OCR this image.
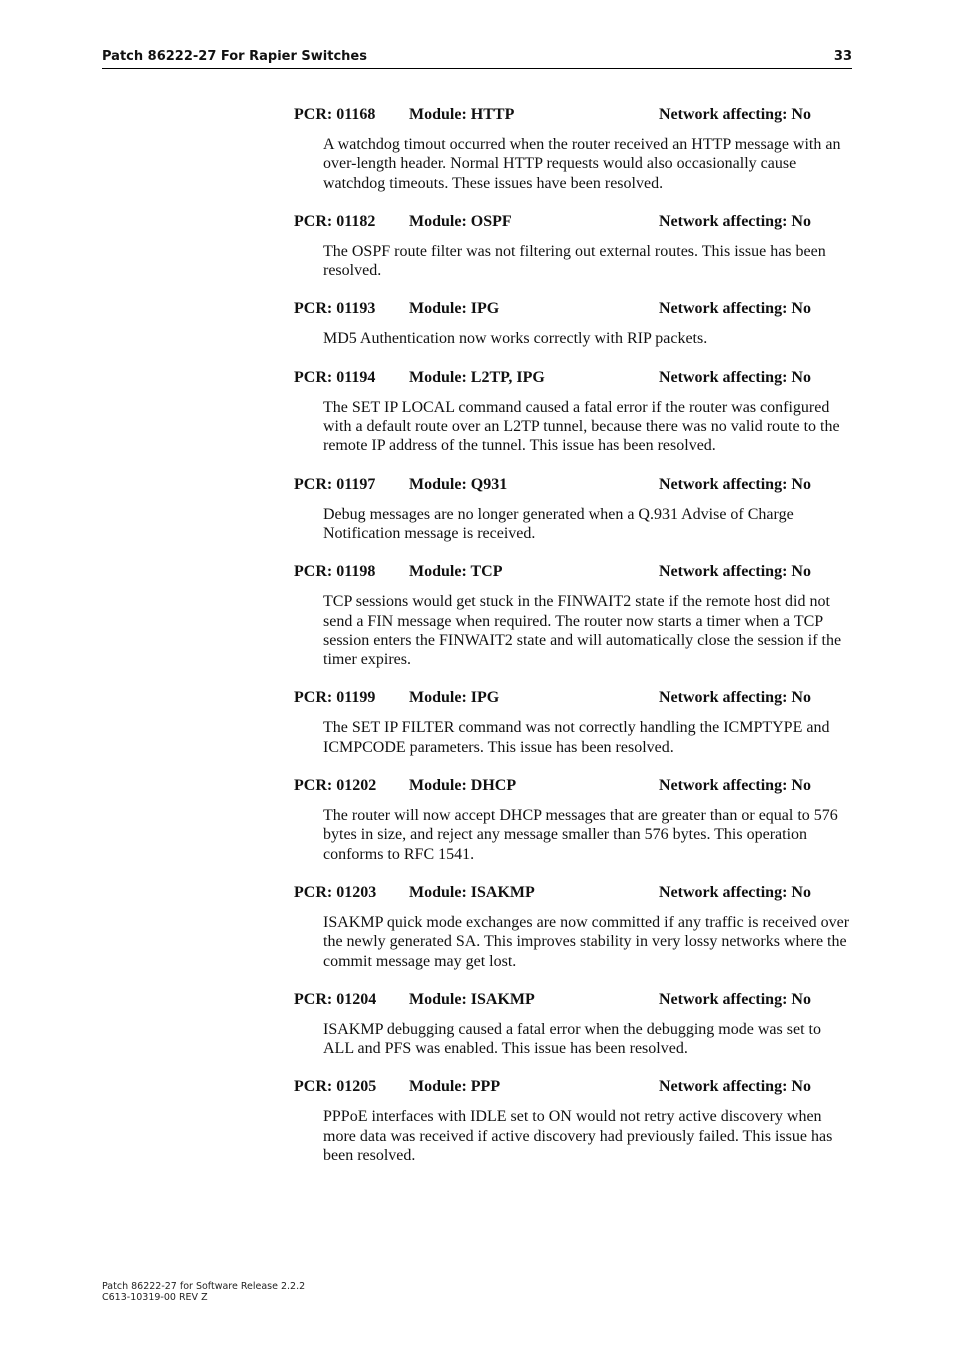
Patch 86222-27 For Rapier Switches	33
PCR: 01168 Module: HTTP	Network affecting: No
A watchdog timout occurred when the router received an HTTP message with an over-length header. Normal HTTP requests would also occasionally cause watchdog timeouts. These issues have been resolved.
PCR: 01182 Module: OSPF	Network affecting: No
The OSPF route filter was not filtering out external routes. This issue has been resolved.
PCR: 01193 Module: IPG	Network affecting: No
MD5 Authentication now works correctly with RIP packets.
PCR: 01194 Module: L2TP, IPG	Network affecting: No
The SET IP LOCAL command caused a fatal error if the router was configured with a default route over an L2TP tunnel, because there was no valid route to the remote IP address of the tunnel. This issue has been resolved.
PCR: 01197 Module: Q931	Network affecting: No
Debug messages are no longer generated when a Q.931 Advise of Charge Notification message is received.
PCR: 01198 Module: TCP	Network affecting: No
TCP sessions would get stuck in the FINWAIT2 state if the remote host did not send a FIN message when required. The router now starts a timer when a TCP session enters the FINWAIT2 state and will automatically close the session if the timer expires.
PCR: 01199 Module: IPG	Network affecting: No
The SET IP FILTER command was not correctly handling the ICMPTYPE and ICMPCODE parameters. This issue has been resolved.
PCR: 01202 Module: DHCP	Network affecting: No
The router will now accept DHCP messages that are greater than or equal to 576 bytes in size, and reject any message smaller than 576 bytes. This operation conforms to RFC 1541.
PCR: 01203 Module: ISAKMP	Network affecting: No
ISAKMP quick mode exchanges are now committed if any traffic is received over the newly generated SA. This improves stability in very lossy networks where the commit message may get lost.
PCR: 01204 Module: ISAKMP	Network affecting: No
ISAKMP debugging caused a fatal error when the debugging mode was set to ALL and PFS was enabled. This issue has been resolved.
PCR: 01205 Module: PPP	Network affecting: No
PPPoE interfaces with IDLE set to ON would not retry active discovery when more data was received if active discovery had previously failed. This issue has been resolved.
Patch 86222-27 for Software Release 2.2.2
C613-10319-00 REV Z
